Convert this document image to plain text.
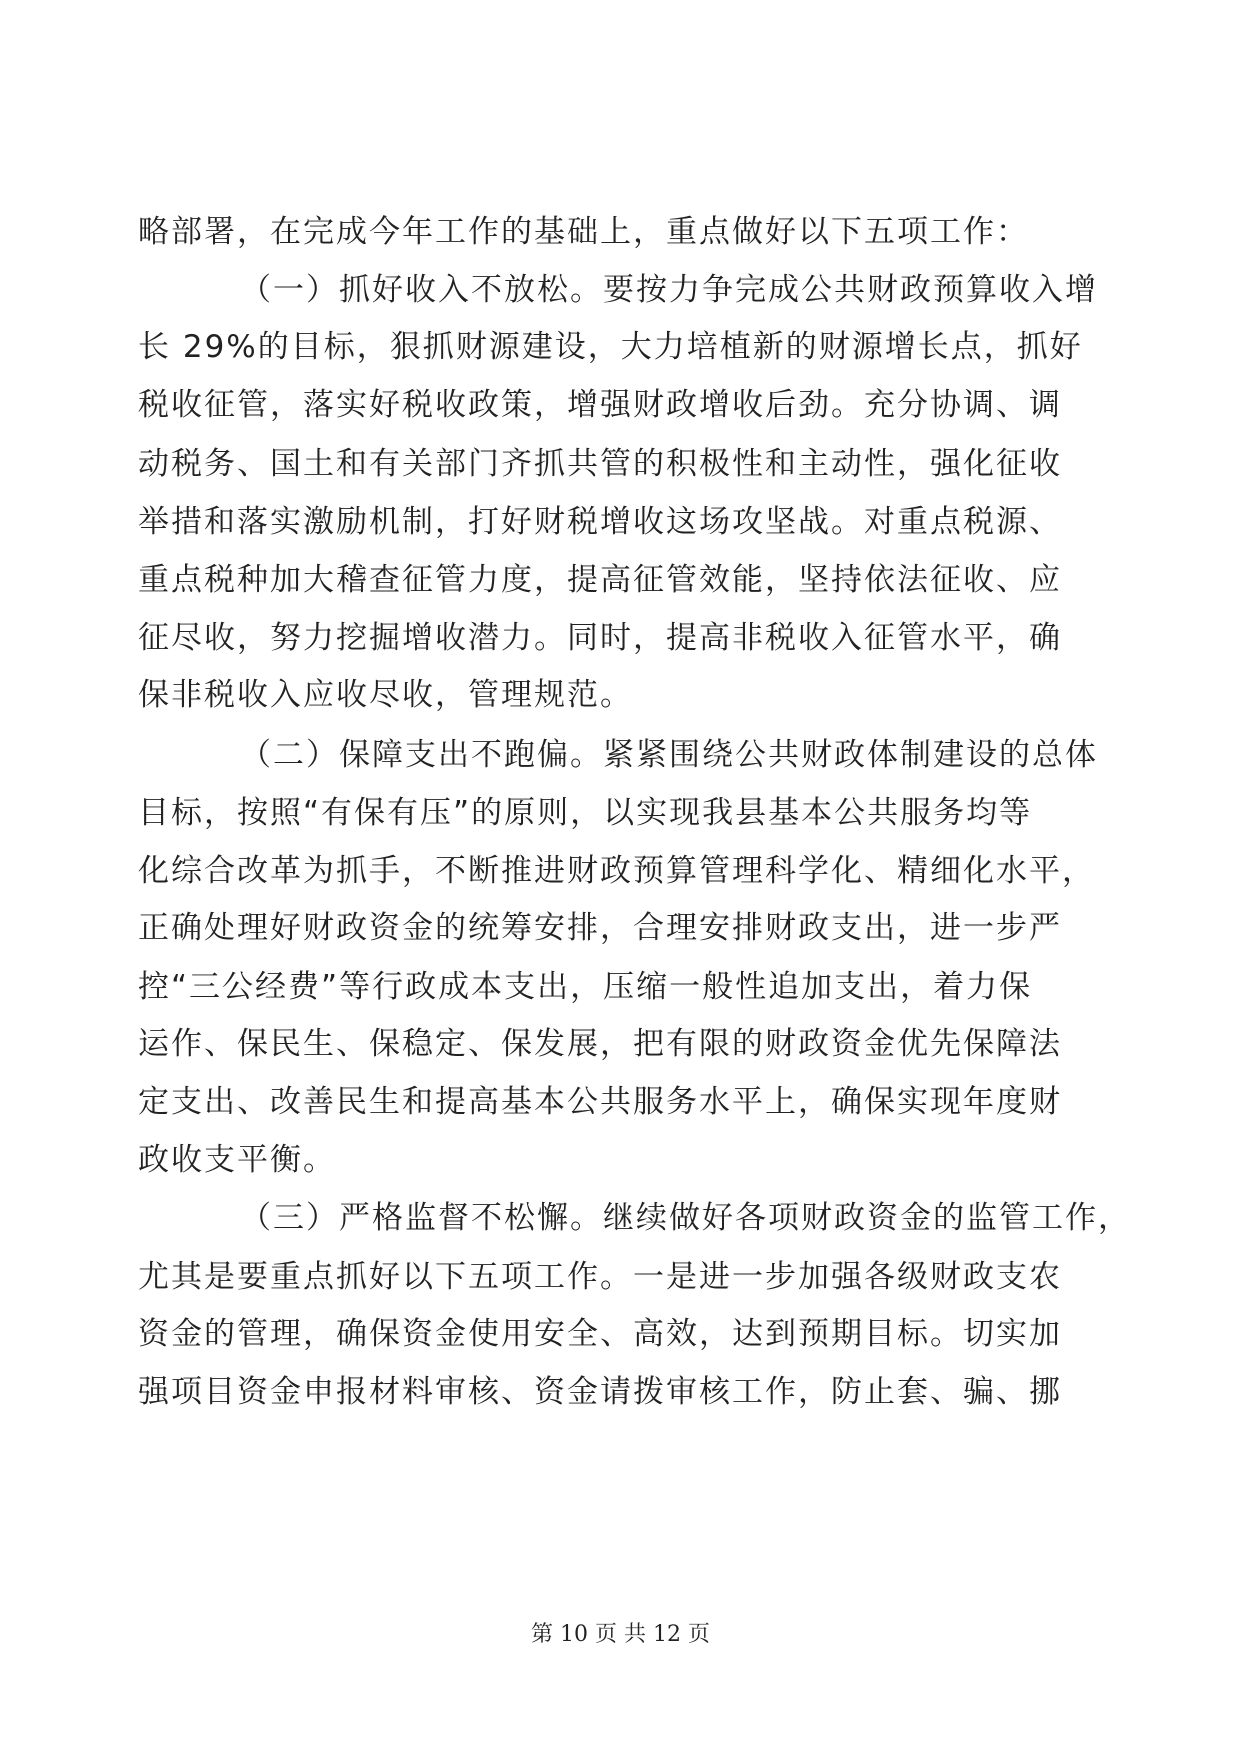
略部署，在完成今年工作的基础上，重点做好以下五项工作：
（一）抓好收入不放松。要按力争完成公共财政预算收入增
长 29%的目标，狠抓财源建设，大力培植新的财源增长点，抓好
税收征管，落实好税收政策，增强财政增收后劲。充分协调、调
动税务、国土和有关部门齐抓共管的积极性和主动性，强化征收
举措和落实激励机制，打好财税增收这场攻坚战。对重点税源、
重点税种加大稽查征管力度，提高征管效能，坚持依法征收、应
征尽收，努力挖掘增收潜力。同时，提高非税收入征管水平，确
保非税收入应收尽收，管理规范。
（二）保障支出不跑偏。紧紧围绕公共财政体制建设的总体
目标，按照“有保有压”的原则，以实现我县基本公共服务均等
化综合改革为抓手，不断推进财政预算管理科学化、精细化水平，
正确处理好财政资金的统筹安排，合理安排财政支出，进一步严
控“三公经费”等行政成本支出，压缩一般性追加支出，着力保
运作、保民生、保稳定、保发展，把有限的财政资金优先保障法
定支出、改善民生和提高基本公共服务水平上，确保实现年度财
政收支平衡。
（三）严格监督不松懈。继续做好各项财政资金的监管工作，
尤其是要重点抓好以下五项工作。一是进一步加强各级财政支农
资金的管理，确保资金使用安全、高效，达到预期目标。切实加
强项目资金申报材料审核、资金请拨审核工作，防止套、骗、挪
第 10 页 共 12 页
